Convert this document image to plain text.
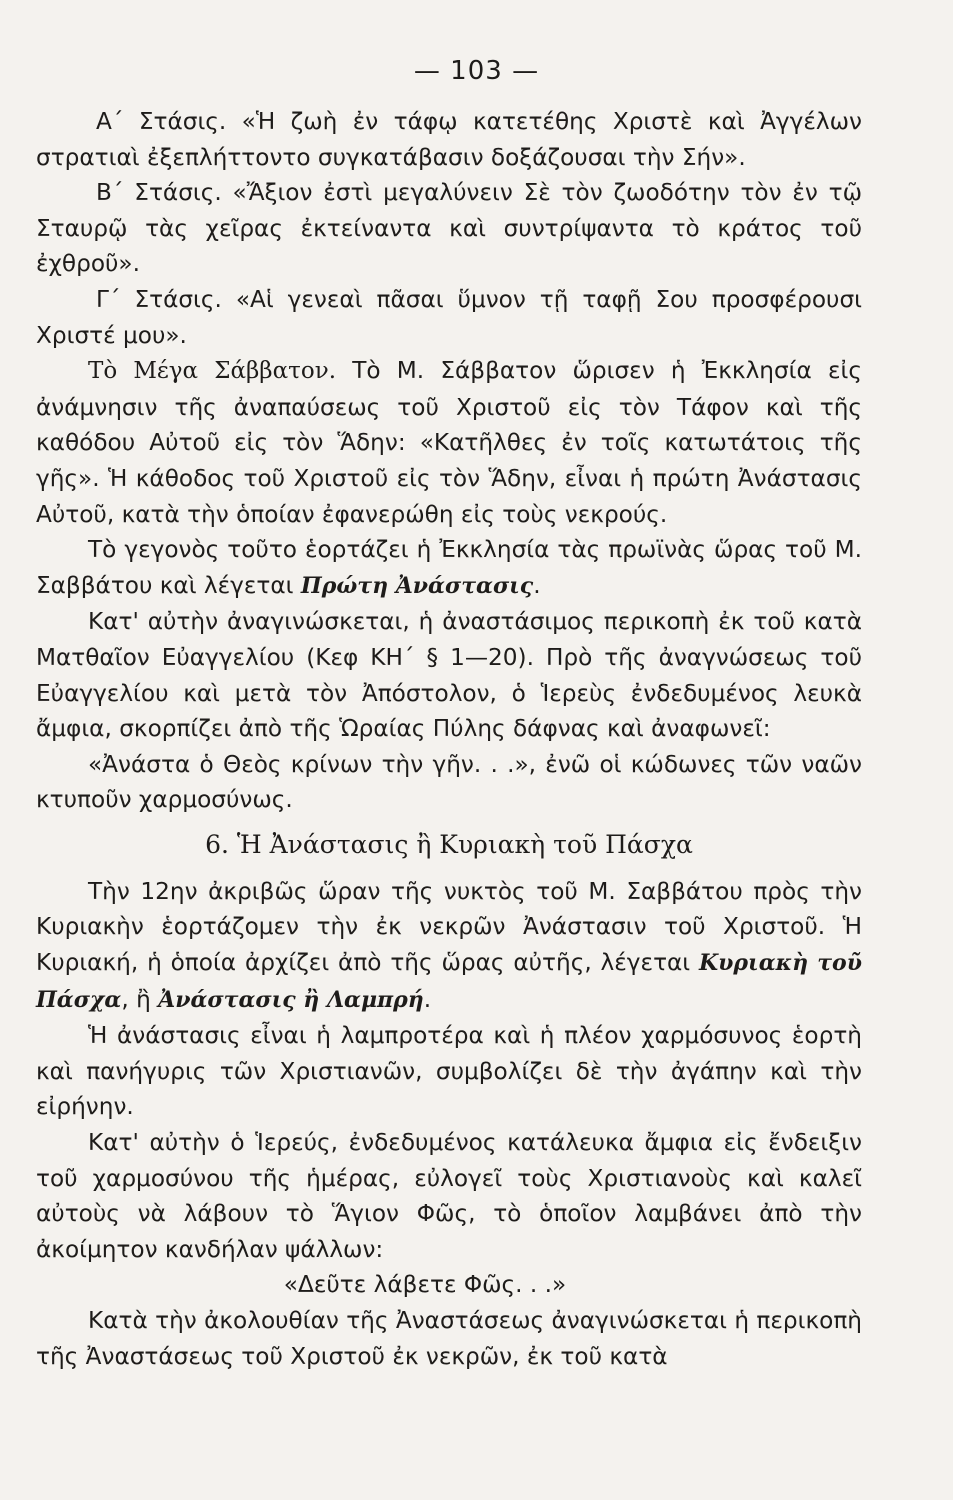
— 103 —

Α΄ Στάσις. «Ἡ ζωὴ ἐν τάφῳ κατετέθης Χριστὲ καὶ Ἀγγέλων στρατιαὶ ἐξεπλήττοντο συγκατάβασιν δοξάζουσαι τὴν Σήν».

Β΄ Στάσις. «Ἄξιον ἐστὶ μεγαλύνειν Σὲ τὸν ζωοδότην τὸν ἐν τῷ Σταυρῷ τὰς χεῖρας ἐκτείναντα καὶ συντρίψαντα τὸ κράτος τοῦ ἐχθροῦ».

Γ΄ Στάσις. «Αἱ γενεαὶ πᾶσαι ὕμνον τῇ ταφῇ Σου προσφέρουσι Χριστέ μου».

Τὸ Μέγα Σάββατον. Τὸ Μ. Σάββατον ὥρισεν ἡ Ἐκκλησία εἰς ἀνάμνησιν τῆς ἀναπαύσεως τοῦ Χριστοῦ εἰς τὸν Τάφον καὶ τῆς καθόδου Αὐτοῦ εἰς τὸν Ἅδην: «Κατῆλθες ἐν τοῖς κατωτάτοις τῆς γῆς». Ἡ κάθοδος τοῦ Χριστοῦ εἰς τὸν Ἅδην, εἶναι ἡ πρώτη Ἀνάστασις Αὐτοῦ, κατὰ τὴν ὁποίαν ἐφανερώθη εἰς τοὺς νεκρούς.

Τὸ γεγονὸς τοῦτο ἑορτάζει ἡ Ἐκκλησία τὰς πρωϊνὰς ὥρας τοῦ Μ. Σαββάτου καὶ λέγεται Πρώτη Ἀνάστασις.

Κατ' αὐτὴν ἀναγινώσκεται, ἡ ἀναστάσιμος περικοπὴ ἐκ τοῦ κατὰ Ματθαῖον Εὐαγγελίου (Κεφ ΚΗ΄ § 1—20). Πρὸ τῆς ἀναγνώσεως τοῦ Εὐαγγελίου καὶ μετὰ τὸν Ἀπόστολον, ὁ Ἱερεὺς ἐνδεδυμένος λευκὰ ἄμφια, σκορπίζει ἀπὸ τῆς Ὡραίας Πύλης δάφνας καὶ ἀναφωνεῖ:

«Ἀνάστα ὁ Θεὸς κρίνων τὴν γῆν. . .», ἐνῶ οἱ κώδωνες τῶν ναῶν κτυποῦν χαρμοσύνως.

6. Ἡ Ἀνάστασις ἢ Κυριακὴ τοῦ Πάσχα

Τὴν 12ην ἀκριβῶς ὥραν τῆς νυκτὸς τοῦ Μ. Σαββάτου πρὸς τὴν Κυριακὴν ἑορτάζομεν τὴν ἐκ νεκρῶν Ἀνάστασιν τοῦ Χριστοῦ. Ἡ Κυριακή, ἡ ὁποία ἀρχίζει ἀπὸ τῆς ὥρας αὐτῆς, λέγεται Κυριακὴ τοῦ Πάσχα, ἢ Ἀνάστασις ἢ Λαμπρή.

Ἡ ἀνάστασις εἶναι ἡ λαμπροτέρα καὶ ἡ πλέον χαρμόσυνος ἑορτὴ καὶ πανήγυρις τῶν Χριστιανῶν, συμβολίζει δὲ τὴν ἀγάπην καὶ τὴν εἰρήνην.

Κατ' αὐτὴν ὁ Ἱερεύς, ἐνδεδυμένος κατάλευκα ἄμφια εἰς ἔνδειξιν τοῦ χαρμοσύνου τῆς ἡμέρας, εὐλογεῖ τοὺς Χριστιανοὺς καὶ καλεῖ αὐτοὺς νὰ λάβουν τὸ Ἅγιον Φῶς, τὸ ὁποῖον λαμβάνει ἀπὸ τὴν ἀκοίμητον κανδήλαν ψάλλων:

«Δεῦτε λάβετε Φῶς. . .»

Κατὰ τὴν ἀκολουθίαν τῆς Ἀναστάσεως ἀναγινώσκεται ἡ περικοπὴ τῆς Ἀναστάσεως τοῦ Χριστοῦ ἐκ νεκρῶν, ἐκ τοῦ κατὰ
